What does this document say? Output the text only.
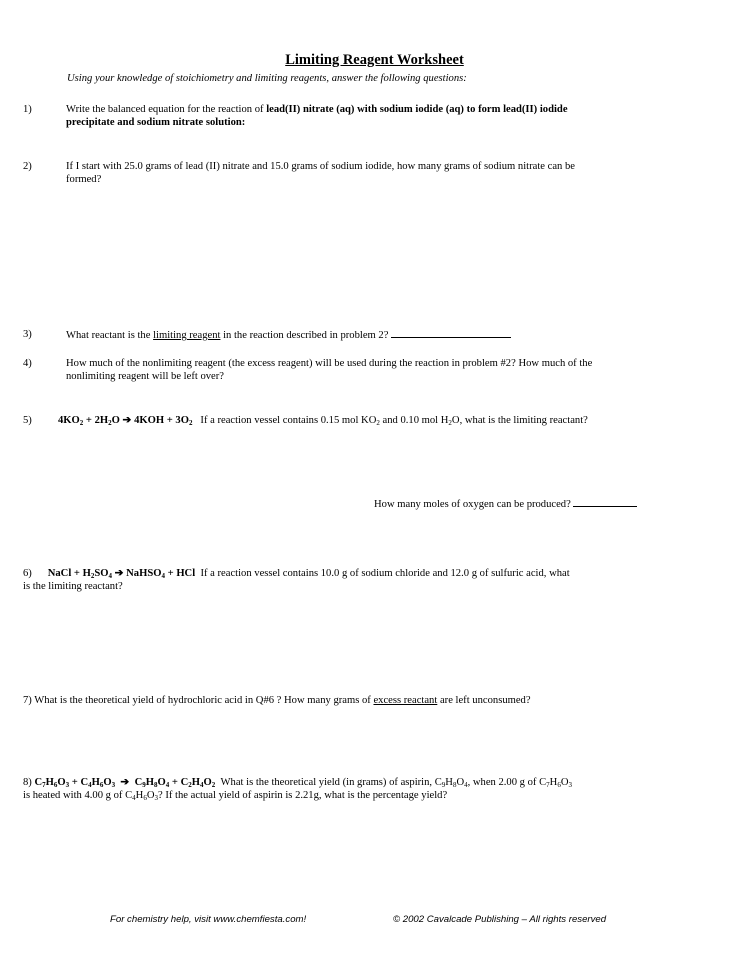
Limiting Reagent Worksheet
Using your knowledge of stoichiometry and limiting reagents, answer the following questions:
1)	Write the balanced equation for the reaction of lead(II) nitrate (aq) with sodium iodide (aq) to form lead(II) iodide
precipitate and sodium nitrate solution:
2)	If I start with 25.0 grams of lead (II) nitrate and 15.0 grams of sodium iodide, how many grams of sodium nitrate can be
formed?
3)	What reactant is the limiting reagent in the reaction described in problem 2?
4)	How much of the nonlimiting reagent (the excess reagent) will be used during the reaction in problem #2? How much of the
nonlimiting reagent will be left over?
5)	$4KO_2 + 2H_2O$ ➔ $4KOH + 3O_2$ If a reaction vessel contains 0.15 mol $KO_2$ and 0.10 mol $H_2O$, what is the limiting reactant?
How many moles of oxygen can be produced?
6) NaCl + $H_2SO_4$ ➔ NaHSO$_4$ + HCl If a reaction vessel contains 10.0 g of sodium chloride and 12.0 g of sulfuric acid, what
is the limiting reactant?
7) What is the theoretical yield of hydrochloric acid in Q#6 ? How many grams of excess reactant are left unconsumed?
8) $C_7H_6O_3 + C_4H_6O_3$  ➔  $C_9H_8O_4 + C_2H_4O_2$ What is the theoretical yield (in grams) of aspirin, $C_9H_8O_4$, when 2.00 g of $C_7H_6O_3$
is heated with 4.00 g of $C_4H_6O_3$? If the actual yield of aspirin is 2.21g, what is the percentage yield?
For chemistry help, visit www.chemfiesta.com!	© 2002 Cavalcade Publishing – All rights reserved
